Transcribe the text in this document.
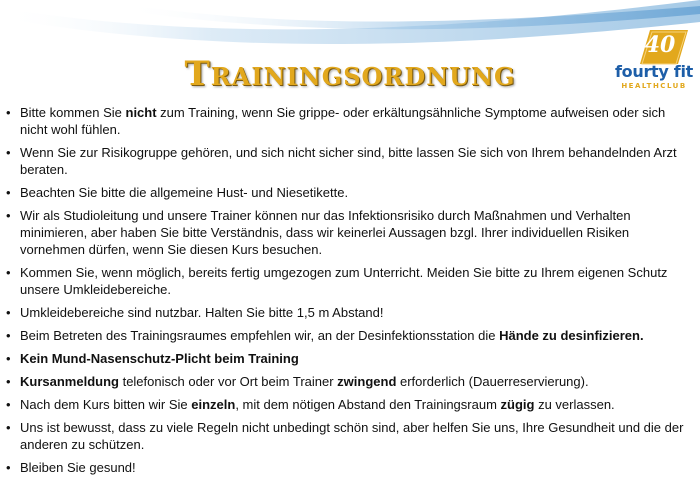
Trainingsordnung
40
fourty fit
HEALTHCLUB
• Bitte kommen Sie nicht zum Training, wenn Sie grippe- oder erkältungsähnliche Symptome aufweisen oder sich nicht wohl fühlen.
• Wenn Sie zur Risikogruppe gehören, und sich nicht sicher sind, bitte lassen Sie sich von Ihrem behandelnden Arzt beraten.
• Beachten Sie bitte die allgemeine Hust- und Niesetikette.
• Wir als Studioleitung und unsere Trainer können nur das Infektionsrisiko durch Maßnahmen und Verhalten minimieren, aber haben Sie bitte Verständnis, dass wir keinerlei Aussagen bzgl. Ihrer individuellen Risiken vornehmen dürfen, wenn Sie diesen Kurs besuchen.
• Kommen Sie, wenn möglich, bereits fertig umgezogen zum Unterricht. Meiden Sie bitte zu Ihrem eigenen Schutz unsere Umkleidebereiche.
• Umkleidebereiche sind nutzbar. Halten Sie bitte 1,5 m Abstand!
• Beim Betreten des Trainingsraumes empfehlen wir, an der Desinfektionsstation die Hände zu desinfizieren.
• Kein Mund-Nasenschutz-Plicht beim Training
• Kursanmeldung telefonisch oder vor Ort beim Trainer zwingend erforderlich (Dauerreservierung).
• Nach dem Kurs bitten wir Sie einzeln, mit dem nötigen Abstand den Trainingsraum zügig zu verlassen.
• Uns ist bewusst, dass zu viele Regeln nicht unbedingt schön sind, aber helfen Sie uns, Ihre Gesundheit und die der anderen zu schützen.
• Bleiben Sie gesund!
